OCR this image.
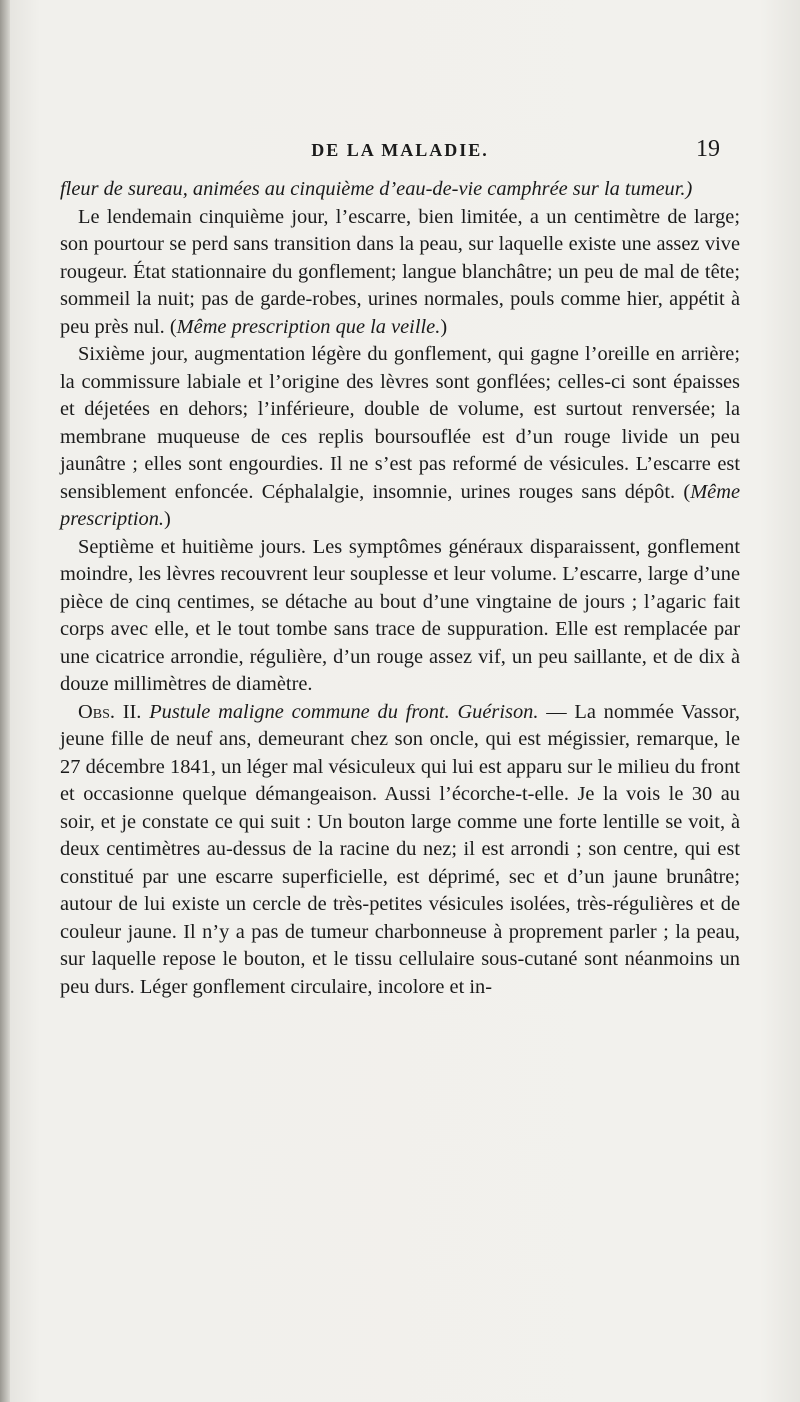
DE LA MALADIE.	19

fleur de sureau, animées au cinquième d’eau-de-vie camphrée sur la tumeur.)

Le lendemain cinquième jour, l’escarre, bien limitée, a un centimètre de large; son pourtour se perd sans transition dans la peau, sur laquelle existe une assez vive rougeur. État stationnaire du gonflement; langue blanchâtre; un peu de mal de tête; sommeil la nuit; pas de garde-robes, urines normales, pouls comme hier, appétit à peu près nul. (Même prescription que la veille.)

Sixième jour, augmentation légère du gonflement, qui gagne l’oreille en arrière; la commissure labiale et l’origine des lèvres sont gonflées; celles-ci sont épaisses et déjetées en dehors; l’inférieure, double de volume, est surtout renversée; la membrane muqueuse de ces replis boursouflée est d’un rouge livide un peu jaunâtre ; elles sont engourdies. Il ne s’est pas reformé de vésicules. L’escarre est sensiblement enfoncée. Céphalalgie, insomnie, urines rouges sans dépôt. (Même prescription.)

Septième et huitième jours. Les symptômes généraux disparaissent, gonflement moindre, les lèvres recouvrent leur souplesse et leur volume. L’escarre, large d’une pièce de cinq centimes, se détache au bout d’une vingtaine de jours ; l’agaric fait corps avec elle, et le tout tombe sans trace de suppuration. Elle est remplacée par une cicatrice arrondie, régulière, d’un rouge assez vif, un peu saillante, et de dix à douze millimètres de diamètre.

Obs. II. Pustule maligne commune du front. Guérison. — La nommée Vassor, jeune fille de neuf ans, demeurant chez son oncle, qui est mégissier, remarque, le 27 décembre 1841, un léger mal vésiculeux qui lui est apparu sur le milieu du front et occasionne quelque démangeaison. Aussi l’écorche-t-elle. Je la vois le 30 au soir, et je constate ce qui suit : Un bouton large comme une forte lentille se voit, à deux centimètres au-dessus de la racine du nez; il est arrondi ; son centre, qui est constitué par une escarre superficielle, est déprimé, sec et d’un jaune brunâtre; autour de lui existe un cercle de très-petites vésicules isolées, très-régulières et de couleur jaune. Il n’y a pas de tumeur charbonneuse à proprement parler ; la peau, sur laquelle repose le bouton, et le tissu cellulaire sous-cutané sont néanmoins un peu durs. Léger gonflement circulaire, incolore et in-
